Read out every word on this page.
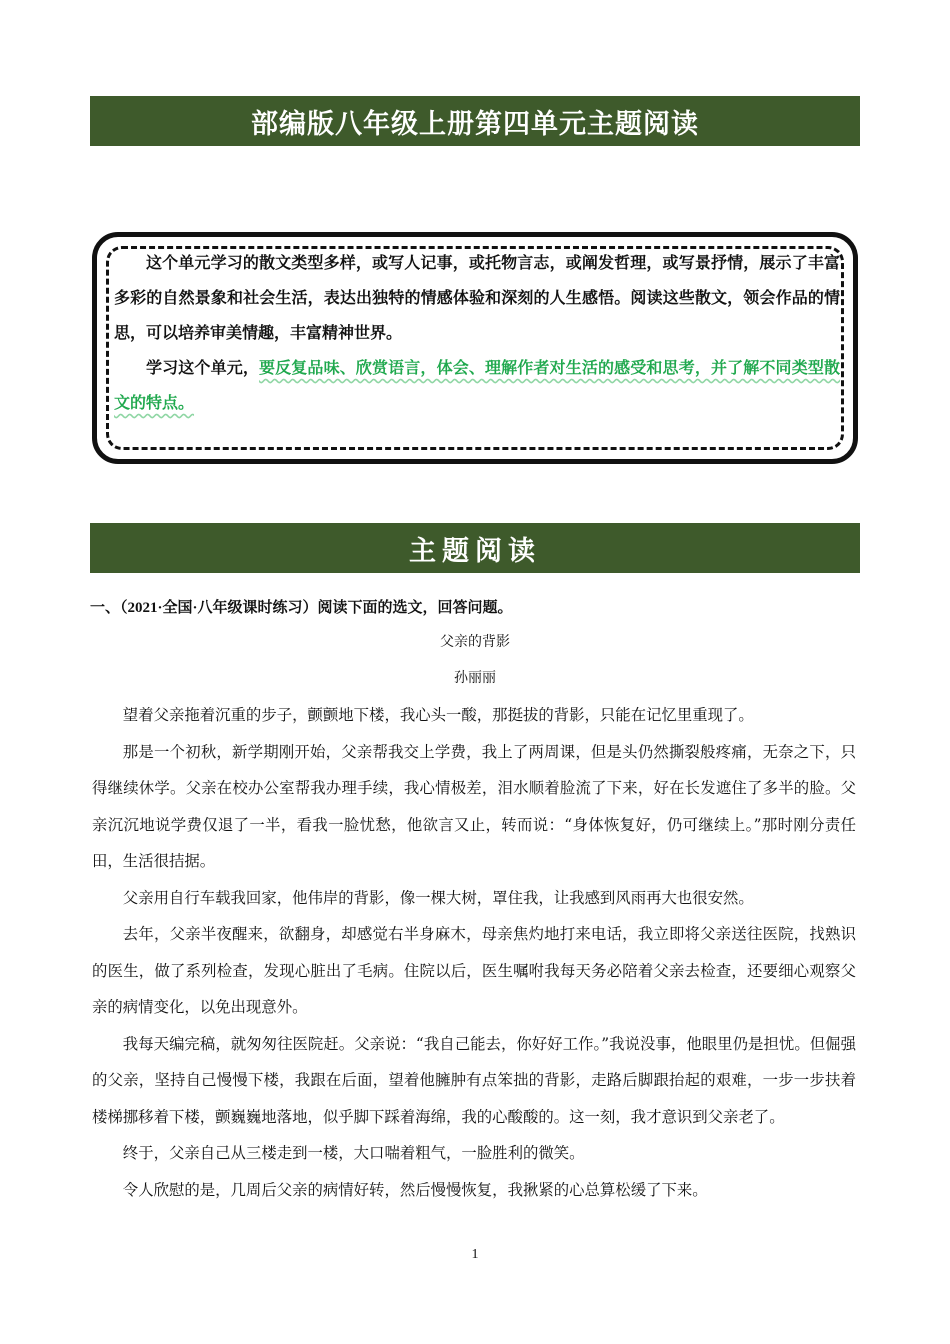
部编版八年级上册第四单元主题阅读

这个单元学习的散文类型多样，或写人记事，或托物言志，或阐发哲理，或写景抒情，展示了丰富多彩的自然景象和社会生活，表达出独特的情感体验和深刻的人生感悟。阅读这些散文，领会作品的情思，可以培养审美情趣，丰富精神世界。

学习这个单元，要反复品味、欣赏语言，体会、理解作者对生活的感受和思考，并了解不同类型散文的特点。

主题阅读
一、（2021·全国·八年级课时练习）阅读下面的选文，回答问题。
父亲的背影
孙丽丽

望着父亲拖着沉重的步子，颤颤地下楼，我心头一酸，那挺拔的背影，只能在记忆里重现了。

那是一个初秋，新学期刚开始，父亲帮我交上学费，我上了两周课，但是头仍然撕裂般疼痛，无奈之下，只得继续休学。父亲在校办公室帮我办理手续，我心情极差，泪水顺着脸流了下来，好在长发遮住了多半的脸。父亲沉沉地说学费仅退了一半，看我一脸忧愁，他欲言又止，转而说：“身体恢复好，仍可继续上。”那时刚分责任田，生活很拮据。

父亲用自行车载我回家，他伟岸的背影，像一棵大树，罩住我，让我感到风雨再大也很安然。

去年，父亲半夜醒来，欲翻身，却感觉右半身麻木，母亲焦灼地打来电话，我立即将父亲送往医院，找熟识的医生，做了系列检查，发现心脏出了毛病。住院以后，医生嘱咐我每天务必陪着父亲去检查，还要细心观察父亲的病情变化，以免出现意外。

我每天编完稿，就匆匆往医院赶。父亲说：“我自己能去，你好好工作。”我说没事，他眼里仍是担忧。但倔强的父亲，坚持自己慢慢下楼，我跟在后面，望着他臃肿有点笨拙的背影，走路后脚跟抬起的艰难，一步一步扶着楼梯挪移着下楼，颤巍巍地落地，似乎脚下踩着海绵，我的心酸酸的。这一刻，我才意识到父亲老了。

终于，父亲自己从三楼走到一楼，大口喘着粗气，一脸胜利的微笑。

令人欣慰的是，几周后父亲的病情好转，然后慢慢恢复，我揪紧的心总算松缓了下来。

1
